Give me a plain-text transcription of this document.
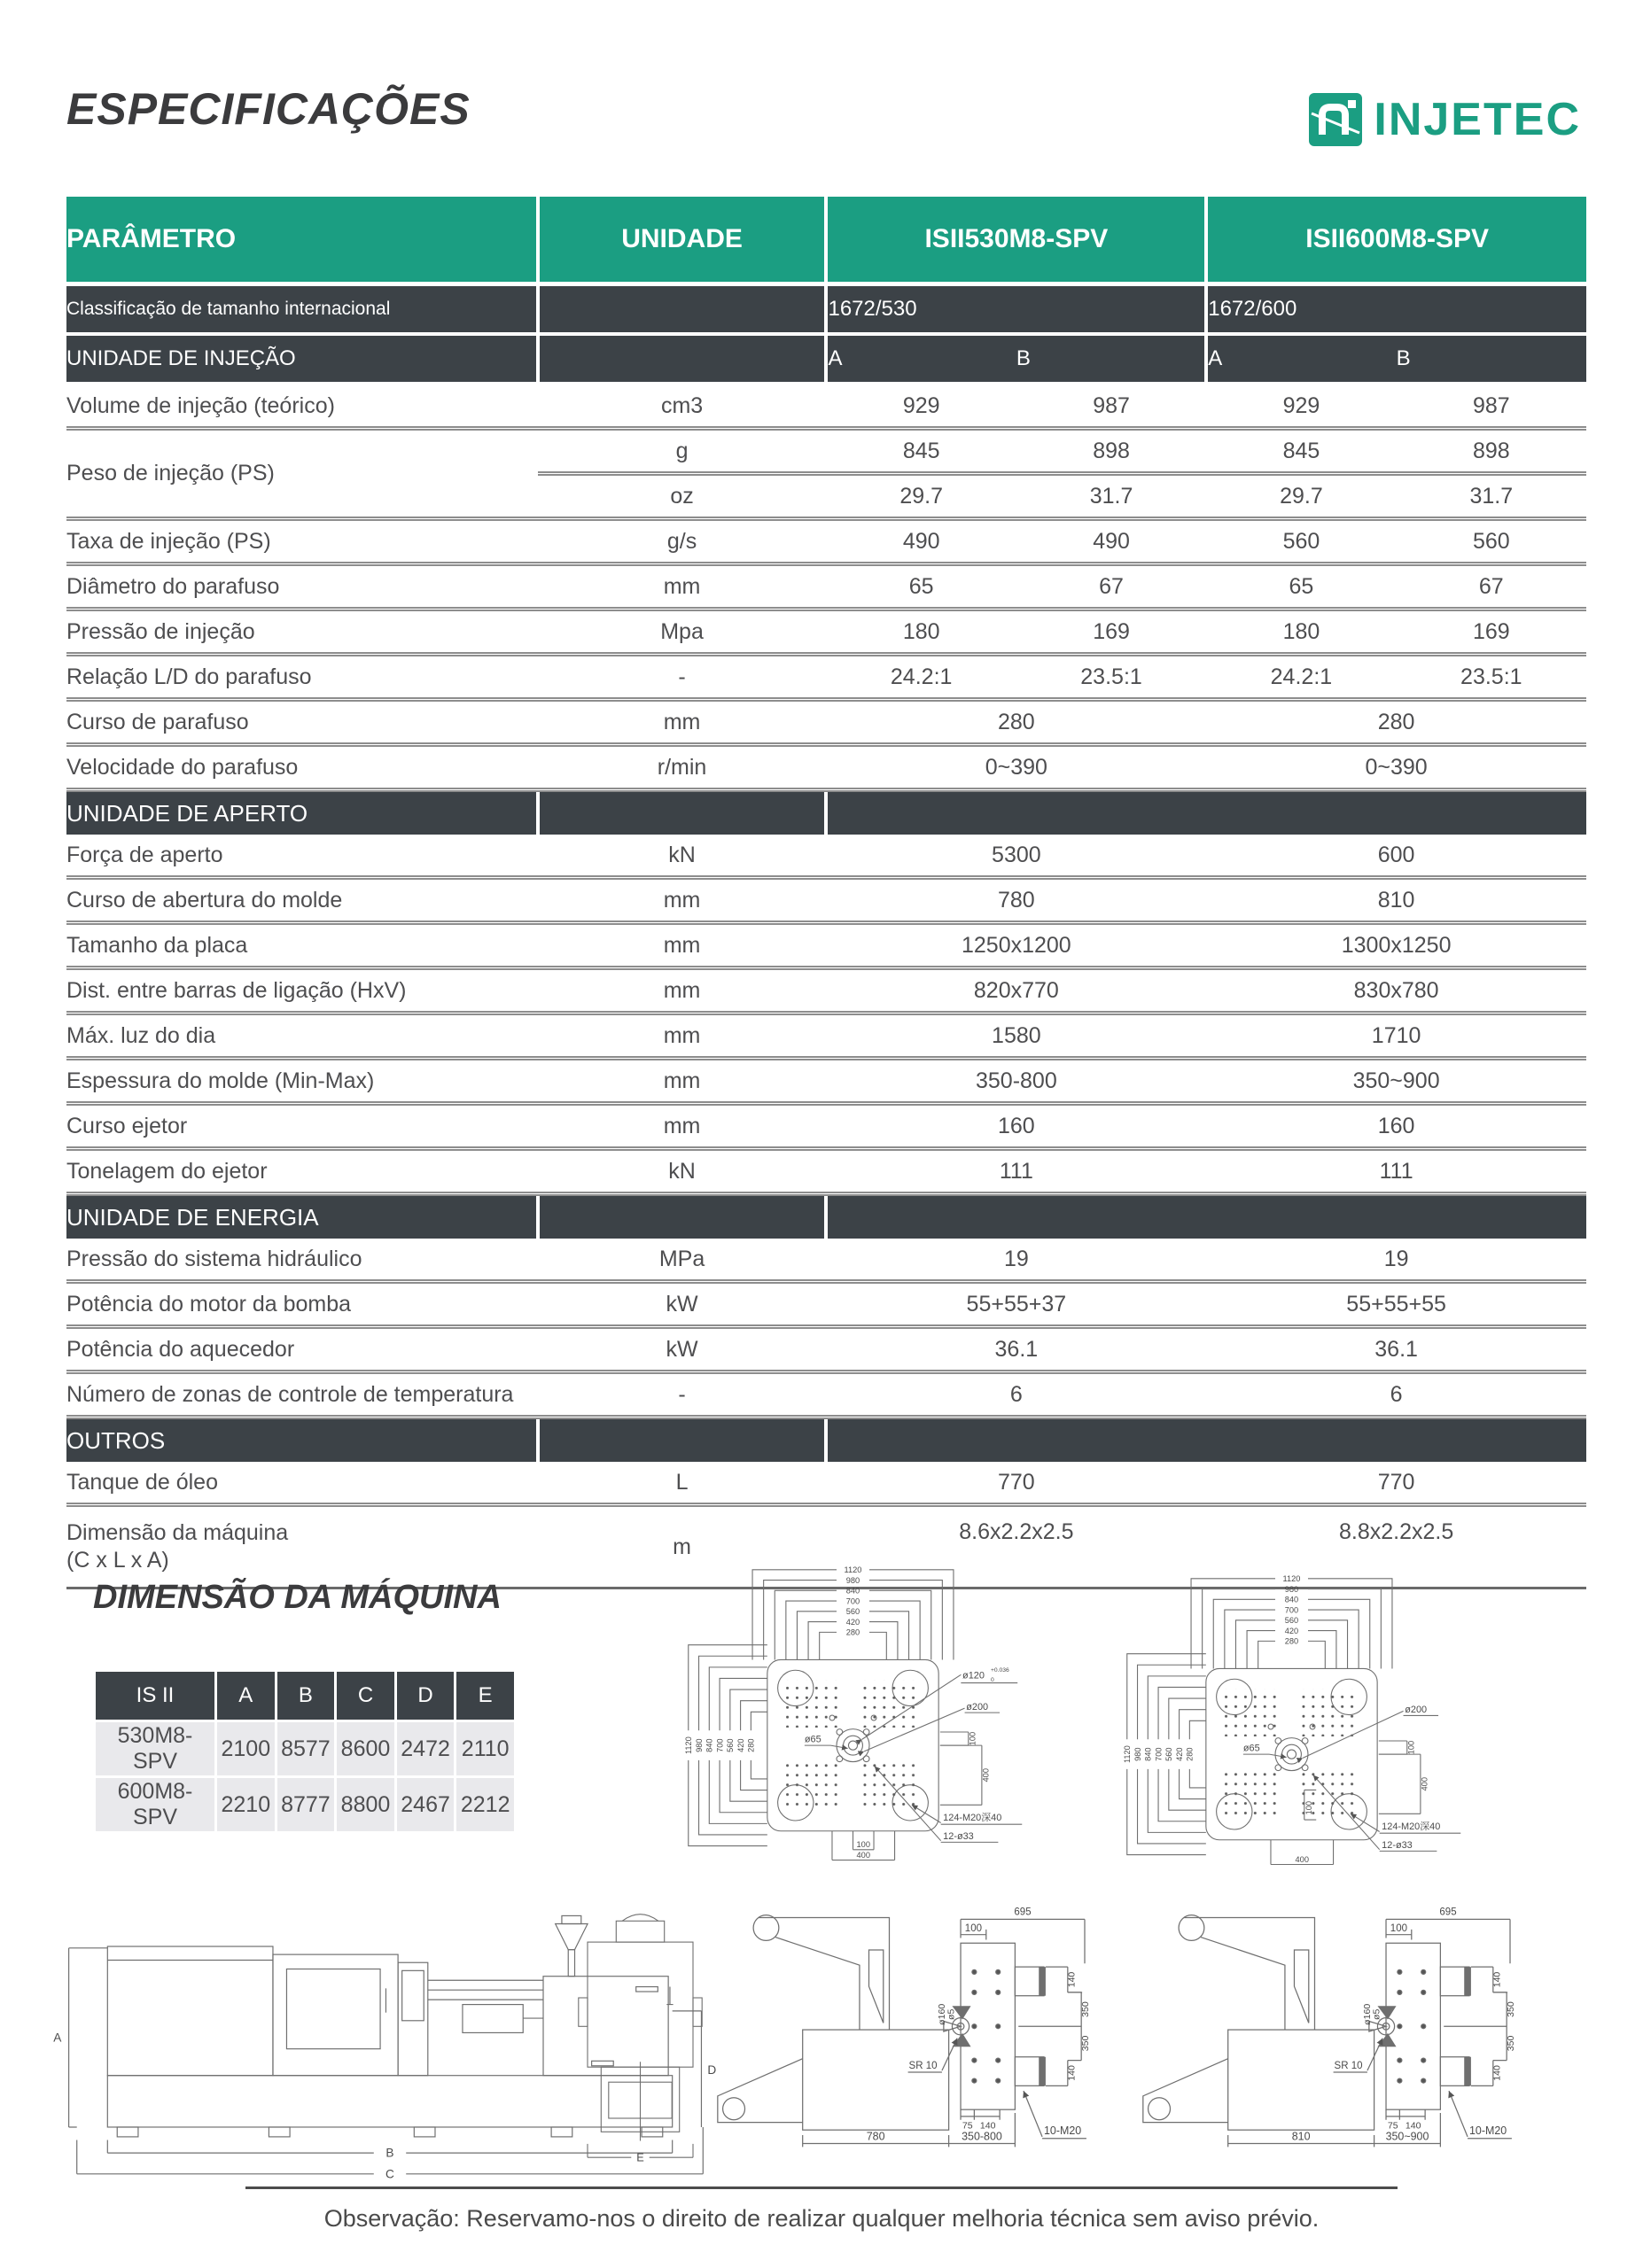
ESPECIFICAÇÕES	INJETEC
PARÂMETRO	UNIDADE	ISII530M8-SPV		ISII600M8-SPV	
Classificação de tamanho internacional		1672/530		1672/600	
UNIDADE DE INJEÇÃO		A	B	A	B
Volume de injeção (teórico)	cm3	929	987	929	987
Peso de injeção (PS)	g	845	898	845	898
	oz	29.7	31.7	29.7	31.7
Taxa de injeção (PS)	g/s	490	490	560	560
Diâmetro do parafuso	mm	65	67	65	67
Pressão de injeção	Mpa	180	169	180	169
Relação L/D do parafuso	-	24.2:1	23.5:1	24.2:1	23.5:1
Curso de parafuso	mm	280		280	
Velocidade do parafuso	r/min	0~390		0~390	
UNIDADE DE APERTO					
Força de aperto	kN	5300		600	
Curso de abertura do molde	mm	780		810	
Tamanho da placa	mm	1250x1200		1300x1250	
Dist. entre barras de ligação (HxV)	mm	820x770		830x780	
Máx. luz do dia	mm	1580		1710	
Espessura do molde (Min-Max)	mm	350-800		350~900	
Curso ejetor	mm	160		160	
Tonelagem do ejetor	kN	111		111	
UNIDADE DE ENERGIA					
Pressão do sistema hidráulico	MPa	19		19	
Potência do motor da bomba	kW	55+55+37		55+55+55	
Potência do aquecedor	kW	36.1		36.1	
Número de zonas de controle de temperatura	-	6		6	
OUTROS					
Tanque de óleo	L	770		770	
Dimensão da máquina
(C x L x A)	m	8.6x2.2x2.5		8.8x2.2x2.5	
DIMENSÃO DA MÁQUINA
IS II	A	B	C	D	E
530M8-SPV	2100	8577	8600	2472	2110
600M8-SPV	2210	8777	8800	2467	2212
1120
980
840
700
560
420
280
1120 980 840 700 560 420 280
ø120
+0.036
0
ø200
ø65	100
400
124-M20深40
12-ø33
100
400
ø200
ø65	100
400
124-M20深40
12-ø33
100
400
1120
980
840
700
560
420
280
1120 980 840 700 560 420 280
A
B
C
D
E
695
100
ø160
ø5
SR 10
140
350
350
140
75 140
780	350-800	10-M20
695
100
ø160
ø5
SR 10
140
350
350
140
75 140
810	350~900	10-M20
Observação: Reservamo-nos o direito de realizar qualquer melhoria técnica sem aviso prévio.
